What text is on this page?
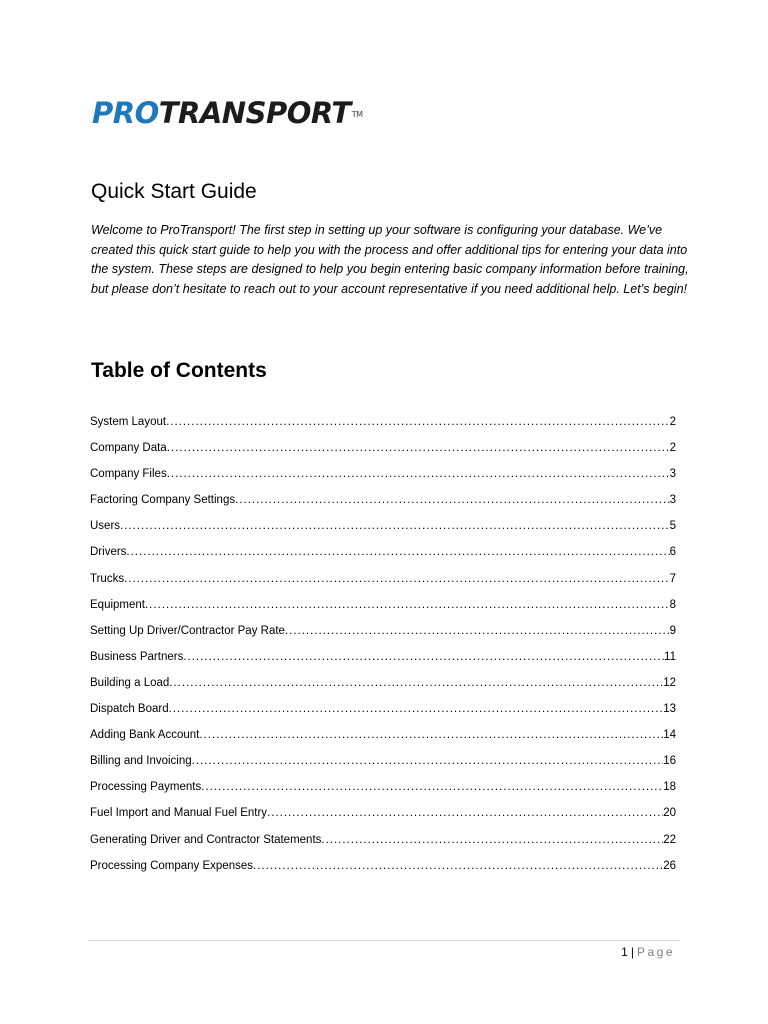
PROTRANSPORT™
Quick Start Guide

Welcome to ProTransport! The first step in setting up your software is configuring your database. We’ve created this quick start guide to help you with the process and offer additional tips for entering your data into the system. These steps are designed to help you begin entering basic company information before training, but please don’t hesitate to reach out to your account representative if you need additional help. Let’s begin!

Table of Contents
System Layout .....	2
Company Data .....	2
Company Files .....	3
Factoring Company Settings .....	3
Users .....	5
Drivers .....	6
Trucks .....	7
Equipment .....	8
Setting Up Driver/Contractor Pay Rate .....	9
Business Partners .....	11
Building a Load .....	12
Dispatch Board .....	13
Adding Bank Account .....	14
Billing and Invoicing .....	16
Processing Payments .....	18
Fuel Import and Manual Fuel Entry .....	20
Generating Driver and Contractor Statements .....	22
Processing Company Expenses .....	26
1 | Page
